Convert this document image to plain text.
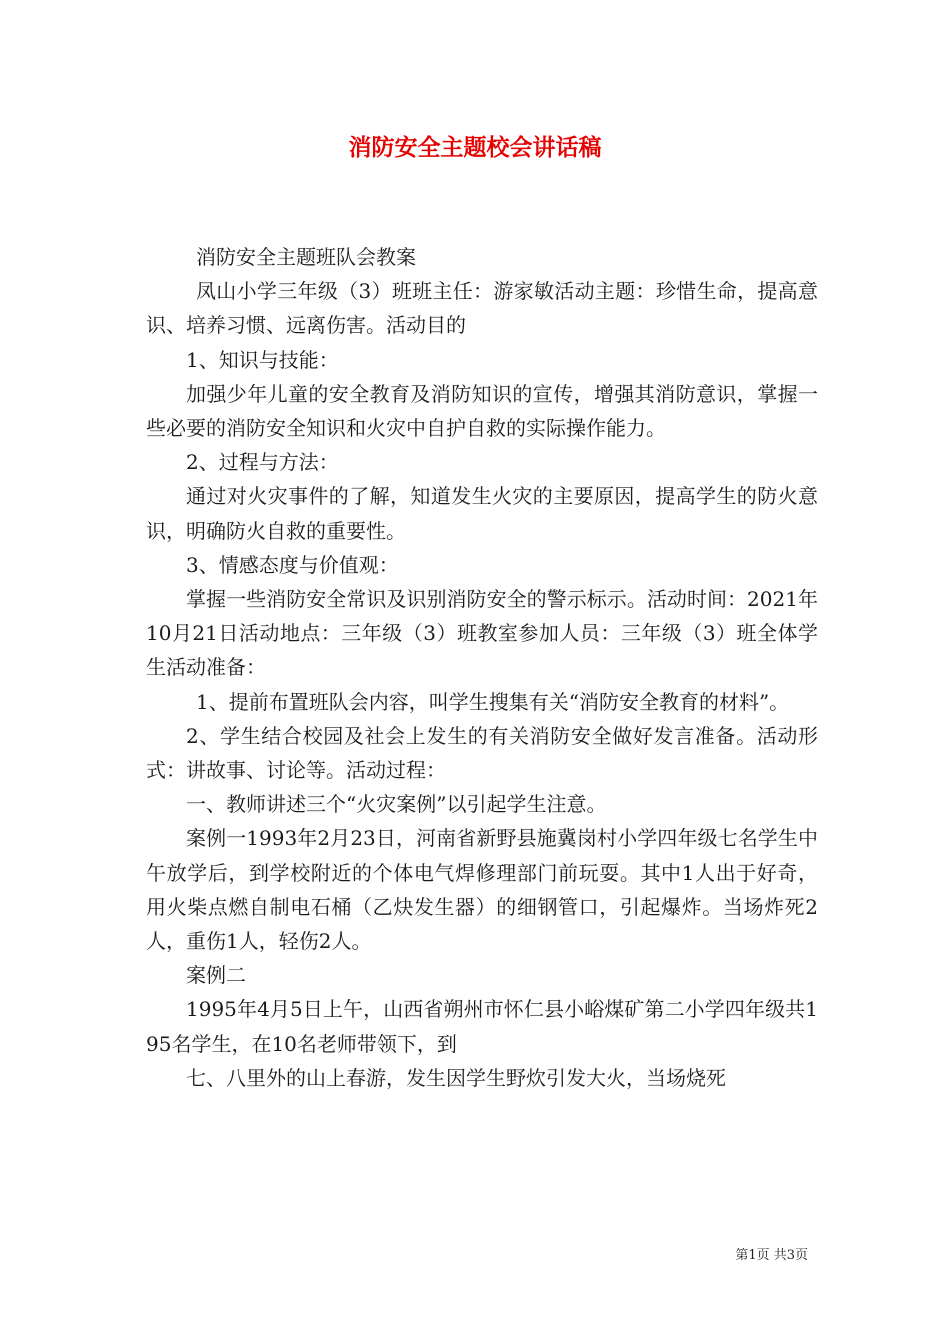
消防安全主题校会讲话稿

消防安全主题班队会教案

凤山小学三年级（3）班班主任：游家敏活动主题：珍惜生命，提高意识、培养习惯、远离伤害。活动目的

1、知识与技能：

加强少年儿童的安全教育及消防知识的宣传，增强其消防意识，掌握一些必要的消防安全知识和火灾中自护自救的实际操作能力。

2、过程与方法：

通过对火灾事件的了解，知道发生火灾的主要原因，提高学生的防火意识，明确防火自救的重要性。

3、情感态度与价值观：

掌握一些消防安全常识及识别消防安全的警示标示。活动时间：2021年10月21日活动地点：三年级（3）班教室参加人员：三年级（3）班全体学生活动准备：

1、提前布置班队会内容，叫学生搜集有关“消防安全教育的材料”。

2、学生结合校园及社会上发生的有关消防安全做好发言准备。活动形式：讲故事、讨论等。活动过程：

一、教师讲述三个“火灾案例”以引起学生注意。

案例一1993年2月23日，河南省新野县施冀岗村小学四年级七名学生中午放学后，到学校附近的个体电气焊修理部门前玩耍。其中1人出于好奇，用火柴点燃自制电石桶（乙炔发生器）的细钢管口，引起爆炸。当场炸死2人，重伤1人，轻伤2人。

案例二

1995年4月5日上午，山西省朔州市怀仁县小峪煤矿第二小学四年级共195名学生，在10名老师带领下，到

七、八里外的山上春游，发生因学生野炊引发大火，当场烧死

第1页 共3页
